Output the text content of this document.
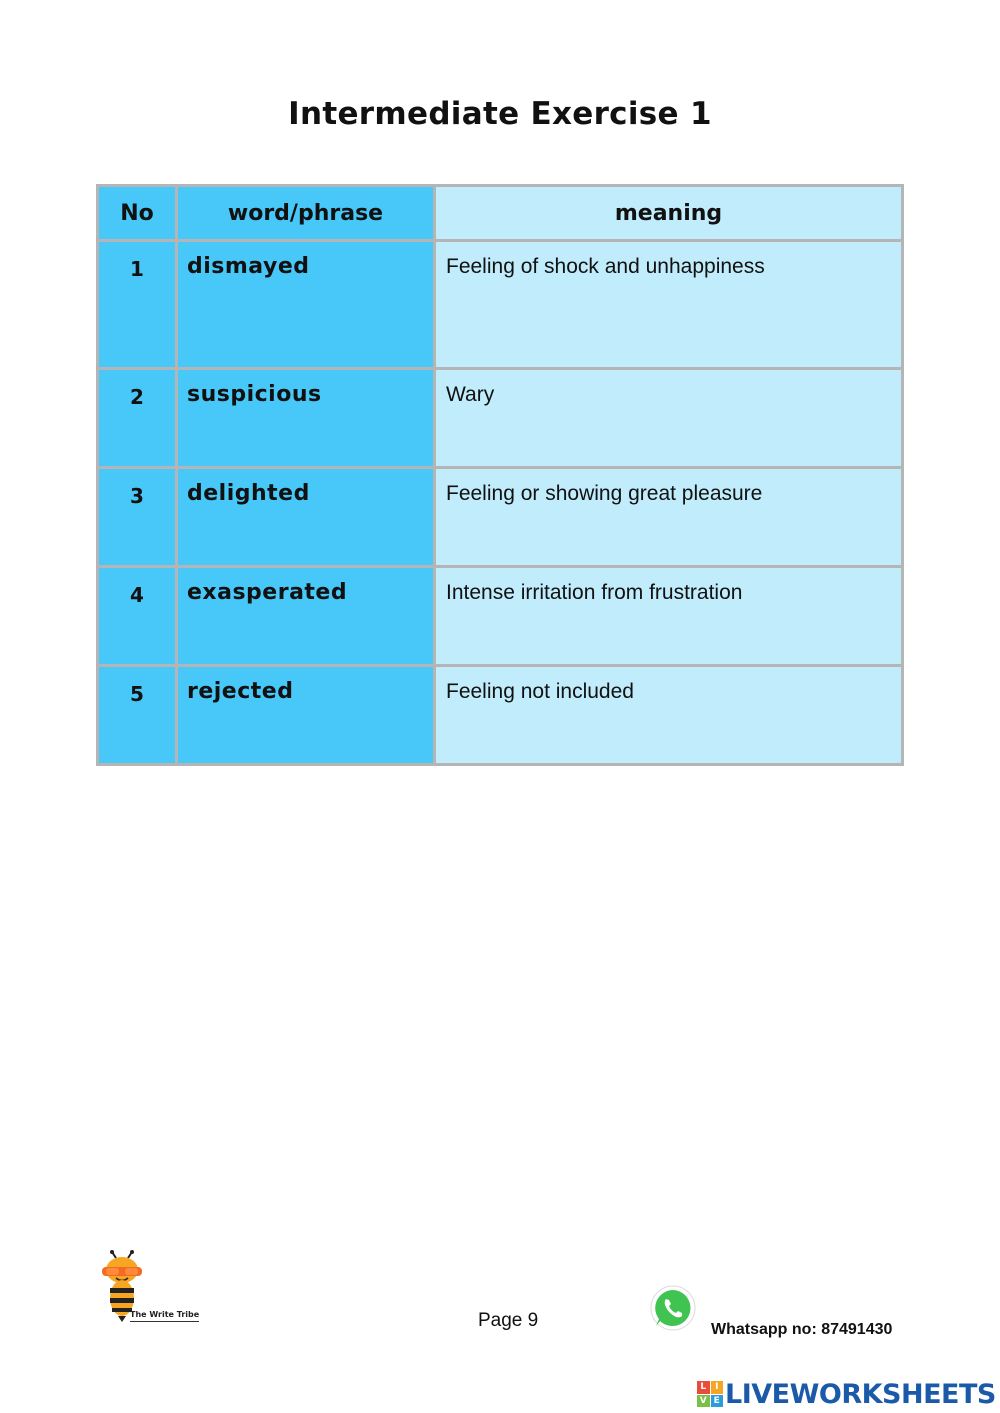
Intermediate Exercise 1
No	word/phrase	meaning
1	dismayed	Feeling of shock and unhappiness
2	suspicious	Wary
3	delighted	Feeling or showing great pleasure
4	exasperated	Intense irritation from frustration
5	rejected	Feeling not included
The Write Tribe	Page 9	Whatsapp no: 87491430
L I
V E LIVEWORKSHEETS
